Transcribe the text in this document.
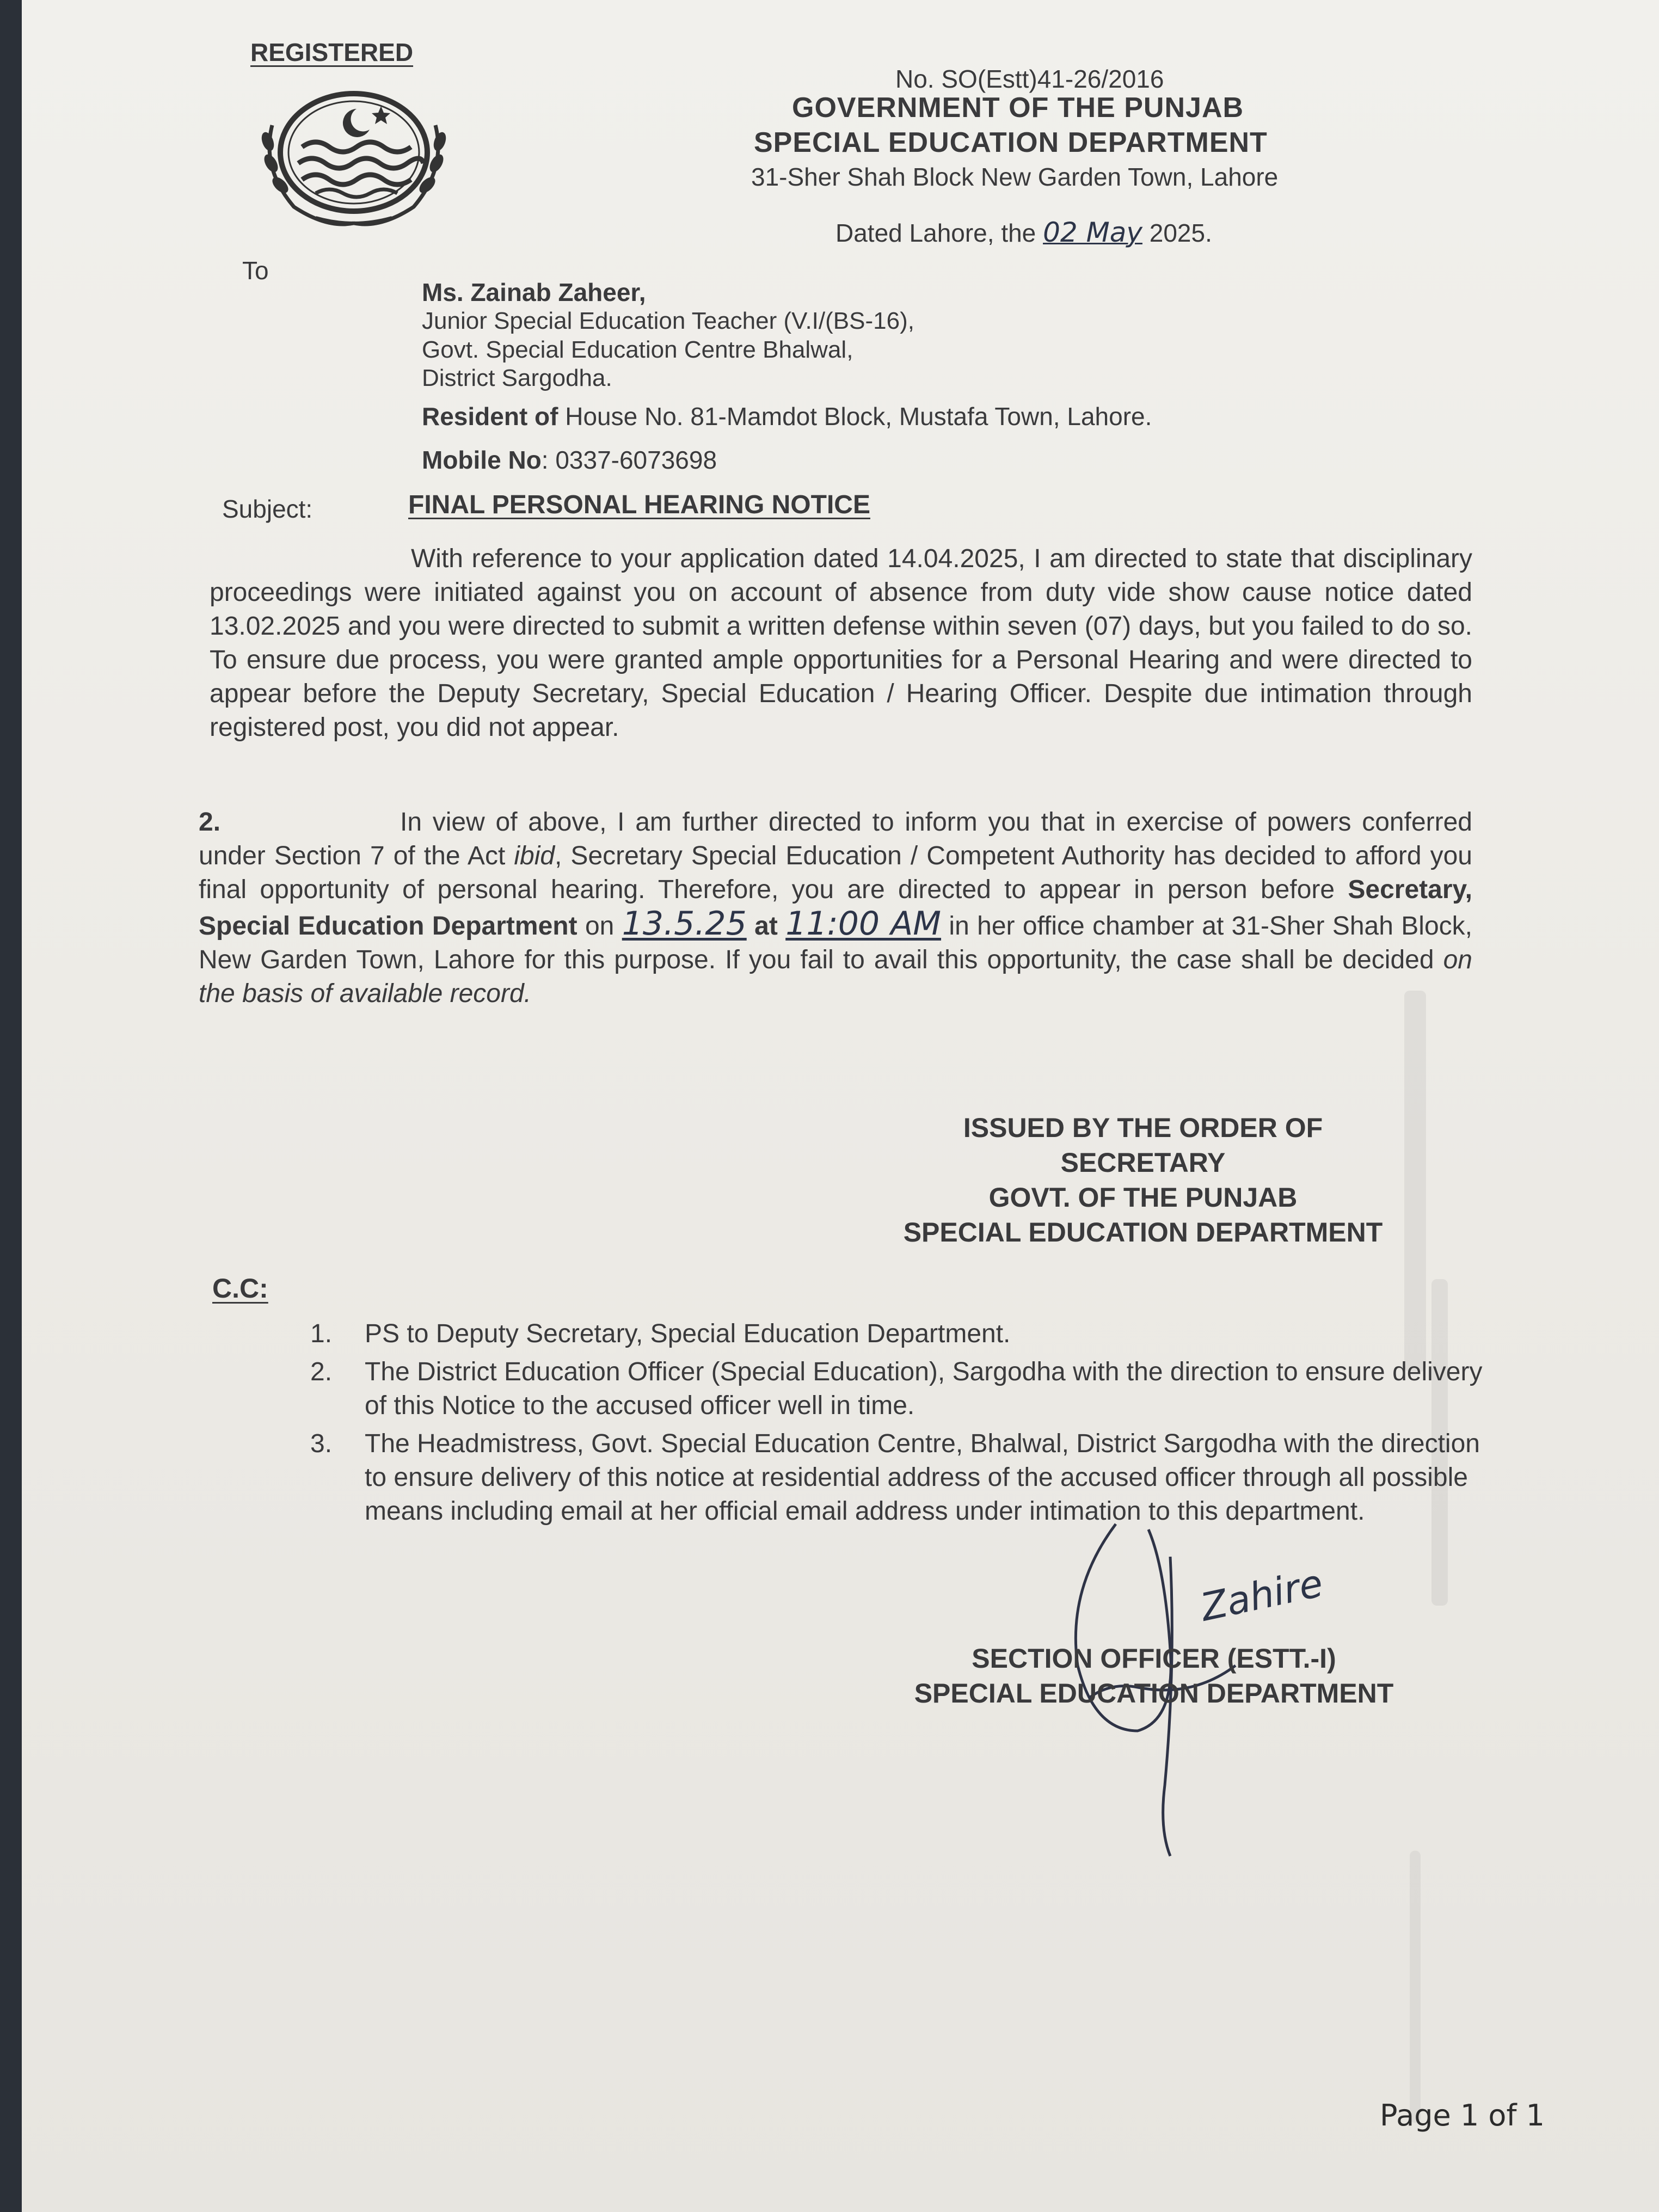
REGISTERED
No. SO(Estt)41-26/2016
GOVERNMENT OF THE PUNJAB
SPECIAL EDUCATION DEPARTMENT
31-Sher Shah Block New Garden Town, Lahore
Dated Lahore, the 02 May 2025.
To
Ms. Zainab Zaheer,
Junior Special Education Teacher (V.I/(BS-16),
Govt. Special Education Centre Bhalwal,
District Sargodha.
Resident of House No. 81-Mamdot Block, Mustafa Town, Lahore.
Mobile No: 0337-6073698
Subject:	FINAL PERSONAL HEARING NOTICE

With reference to your application dated 14.04.2025, I am directed to state that disciplinary proceedings were initiated against you on account of absence from duty vide show cause notice dated 13.02.2025 and you were directed to submit a written defense within seven (07) days, but you failed to do so. To ensure due process, you were granted ample opportunities for a Personal Hearing and were directed to appear before the Deputy Secretary, Special Education / Hearing Officer. Despite due intimation through registered post, you did not appear.

2.	In view of above, I am further directed to inform you that in exercise of powers conferred under Section 7 of the Act ibid, Secretary Special Education / Competent Authority has decided to afford you final opportunity of personal hearing. Therefore, you are directed to appear in person before Secretary, Special Education Department on 13.5.25 at 11:00 AM in her office chamber at 31-Sher Shah Block, New Garden Town, Lahore for this purpose. If you fail to avail this opportunity, the case shall be decided on the basis of available record.

ISSUED BY THE ORDER OF
SECRETARY
GOVT. OF THE PUNJAB
SPECIAL EDUCATION DEPARTMENT
C.C:
1. PS to Deputy Secretary, Special Education Department.
2. The District Education Officer (Special Education), Sargodha with the direction to ensure delivery of this Notice to the accused officer well in time.
3. The Headmistress, Govt. Special Education Centre, Bhalwal, District Sargodha with the direction to ensure delivery of this notice at residential address of the accused officer through all possible means including email at her official email address under intimation to this department.
Zahire
SECTION OFFICER (ESTT.-I)
SPECIAL EDUCATION DEPARTMENT
Page 1 of 1
